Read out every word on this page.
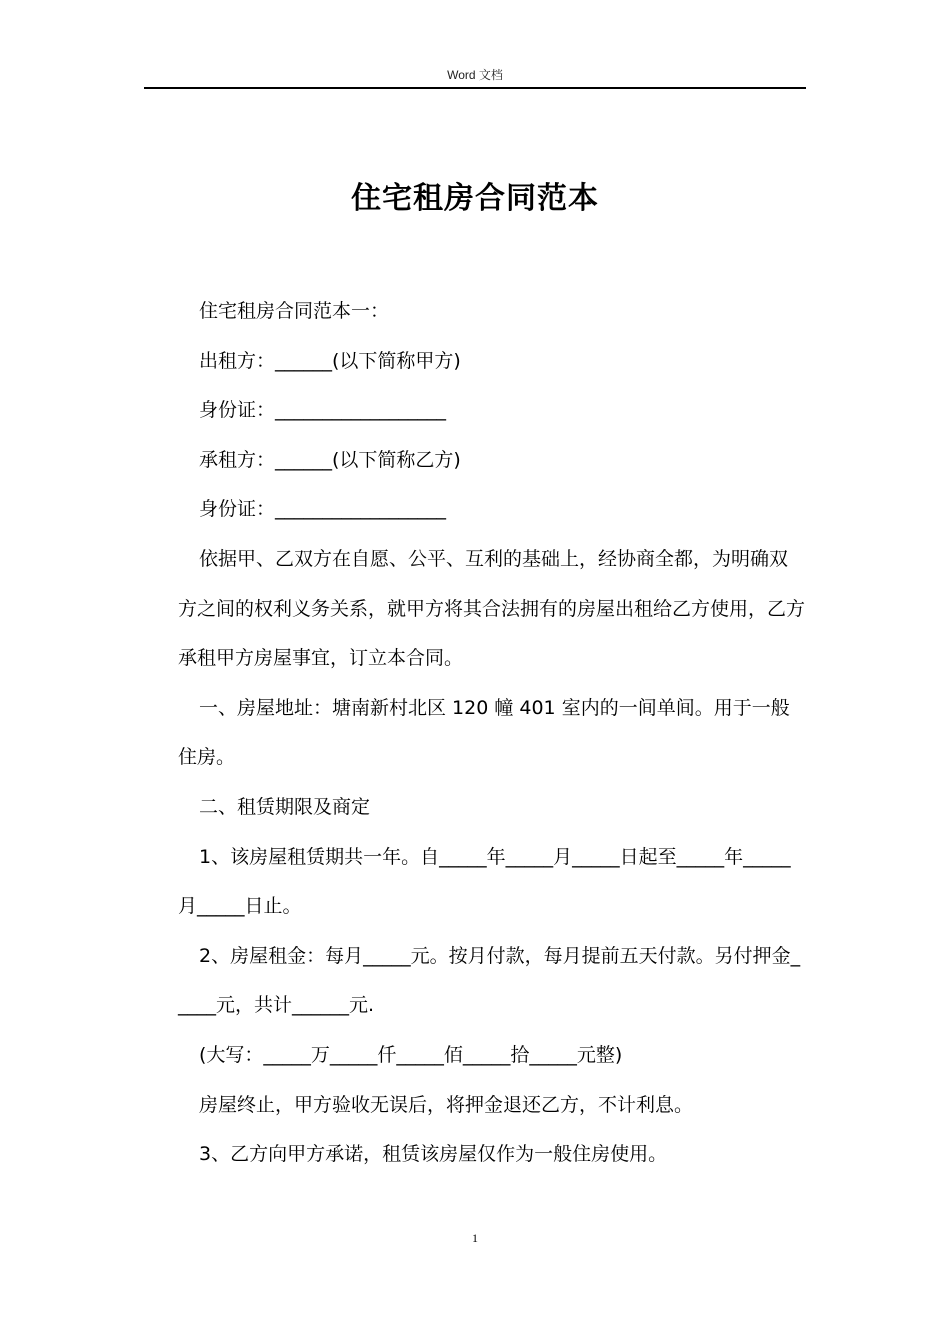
Word 文档
住宅租房合同范本

住宅租房合同范本一：

出租方：______(以下简称甲方)

身份证：__________________

承租方：______(以下简称乙方)

身份证：__________________

依据甲、乙双方在自愿、公平、互利的基础上，经协商全都，为明确双方之间的权利义务关系，就甲方将其合法拥有的房屋出租给乙方使用，乙方承租甲方房屋事宜，订立本合同。

一、房屋地址：塘南新村北区 120 幢 401 室内的一间单间。用于一般住房。

二、租赁期限及商定

1、该房屋租赁期共一年。自_____年_____月_____日起至_____年_____月_____日止。

2、房屋租金：每月_____元。按月付款，每月提前五天付款。另付押金_____元，共计______元.

(大写：_____万_____仟_____佰_____拾_____元整)

房屋终止，甲方验收无误后，将押金退还乙方，不计利息。

3、乙方向甲方承诺，租赁该房屋仅作为一般住房使用。

1
